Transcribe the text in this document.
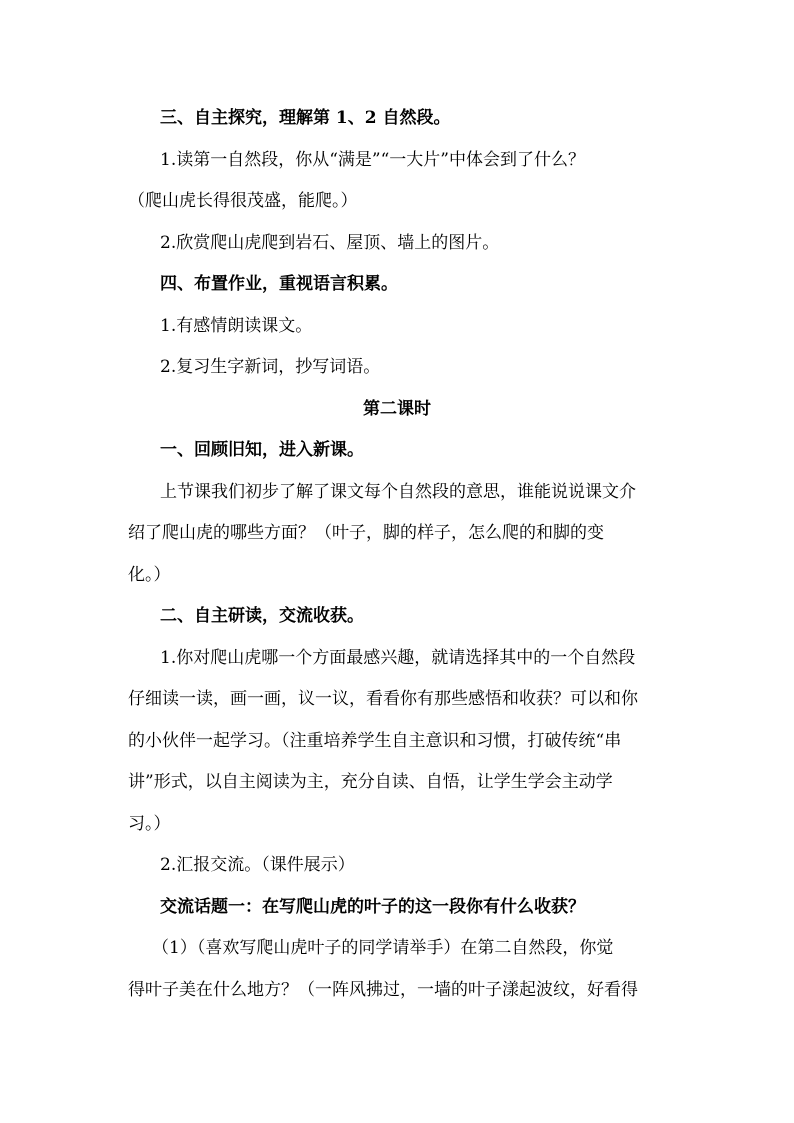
三、自主探究，理解第 1、2 自然段。
1.读第一自然段，你从“满是”“一大片”中体会到了什么？
（爬山虎长得很茂盛，能爬。）
2.欣赏爬山虎爬到岩石、屋顶、墙上的图片。
四、布置作业，重视语言积累。
1.有感情朗读课文。
2.复习生字新词，抄写词语。
第二课时
一、回顾旧知，进入新课。
上节课我们初步了解了课文每个自然段的意思，谁能说说课文介
绍了爬山虎的哪些方面？（叶子，脚的样子，怎么爬的和脚的变
化。）
二、自主研读，交流收获。
1.你对爬山虎哪一个方面最感兴趣，就请选择其中的一个自然段
仔细读一读，画一画，议一议，看看你有那些感悟和收获？可以和你
的小伙伴一起学习。（注重培养学生自主意识和习惯，打破传统“串
讲”形式，以自主阅读为主，充分自读、自悟，让学生学会主动学
习。）
2.汇报交流。（课件展示）
交流话题一：在写爬山虎的叶子的这一段你有什么收获？
（1）（喜欢写爬山虎叶子的同学请举手）在第二自然段，你觉
得叶子美在什么地方？（一阵风拂过，一墙的叶子漾起波纹，好看得
